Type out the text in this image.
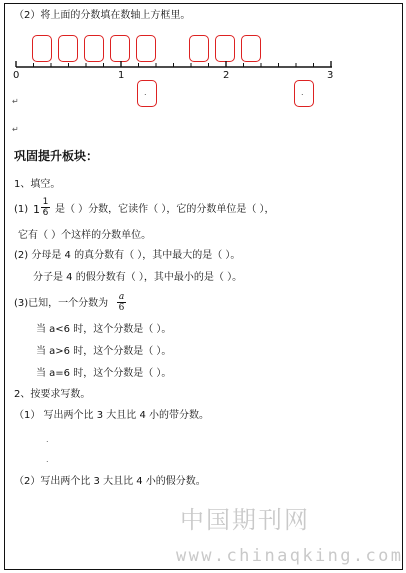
（2）将上面的分数填在数轴上方框里。
0	1	2	3
.	.
↵
↵
巩固提升板块：
1、填空。
(1) $1 \frac{1}{6}$ 是（ ）分数，它读作（ ），它的分数单位是（ ），
它有（ ）个这样的分数单位。
(2) 分母是 4 的真分数有（ ），其中最大的是（ ）。
分子是 4 的假分数有（ ），其中最小的是（ ）。
(3)已知，一个分数为 $\frac{a}{6}$
当 a<6 时，这个分数是（ ）。
当 a>6 时，这个分数是（ ）。
当 a=6 时，这个分数是（ ）。
2、按要求写数。
（1） 写出两个比 3 大且比 4 小的带分数。
.
.
（2）写出两个比 3 大且比 4 小的假分数。
中国期刊网
www.chinaqking.com
